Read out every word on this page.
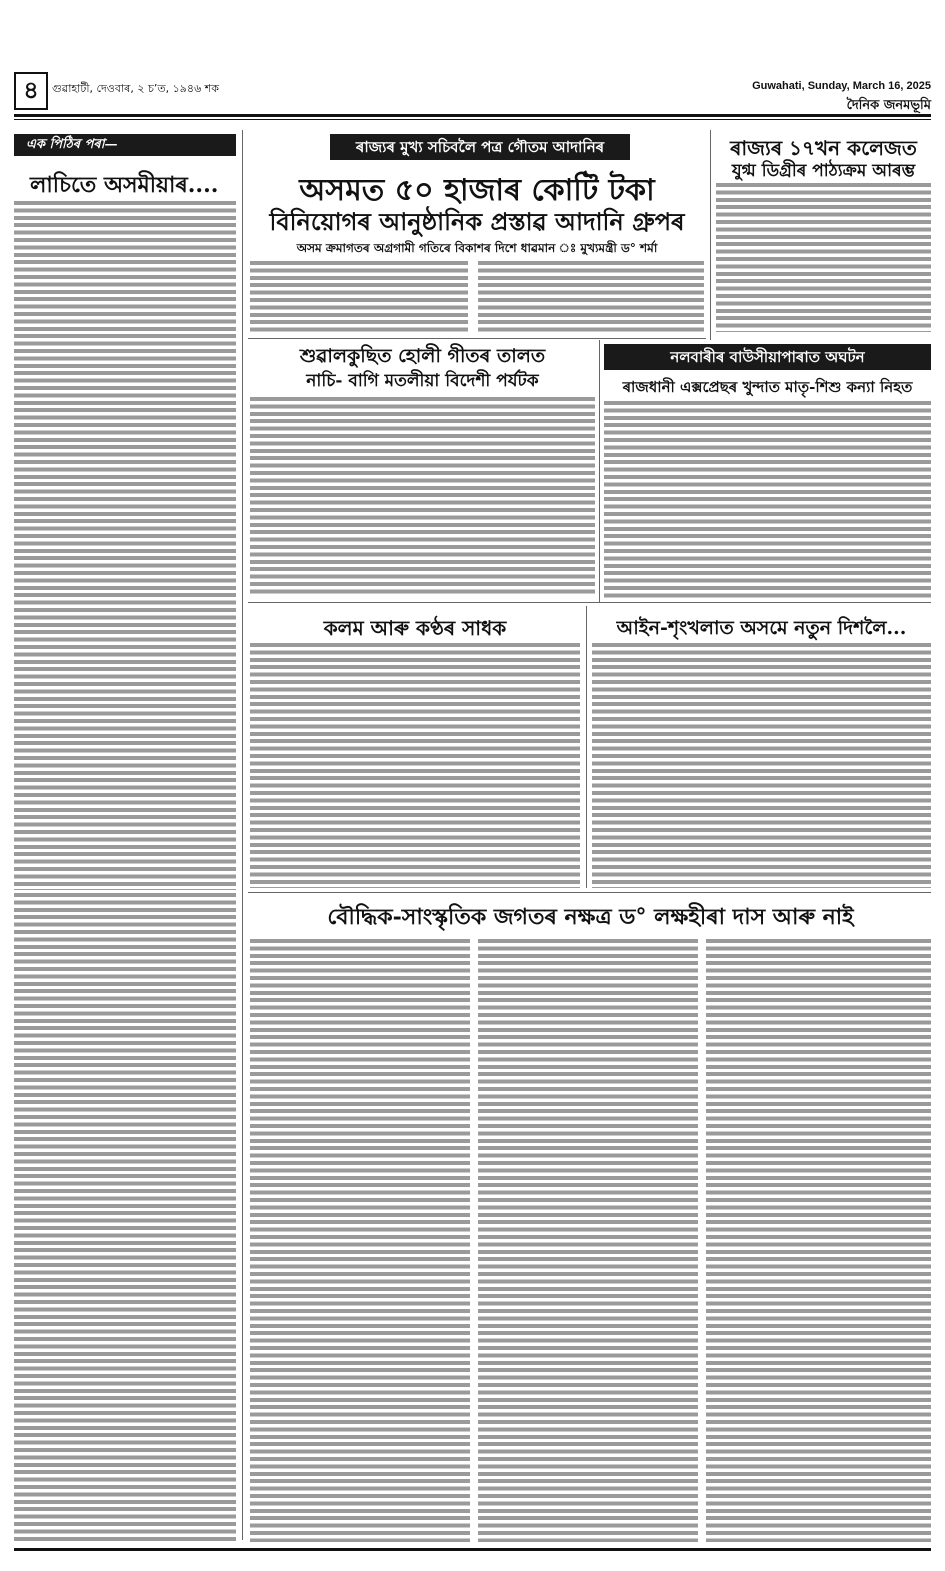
৪	গুৱাহাটী, দেওবাৰ, ২ চ’ত, ১৯৪৬ শক	Guwahati, Sunday, March 16, 2025
দৈনিক জনমভূমি
এক পিঠিৰ পৰা—
লাচিতে অসমীয়াৰ....
ৰাজ্যৰ মুখ্য সচিবলৈ পত্ৰ গৌতম আদানিৰ
অসমত ৫০ হাজাৰ কোটি টকা
বিনিয়োগৰ আনুষ্ঠানিক প্ৰস্তাৱ আদানি গ্ৰুপৰ
অসম ক্ৰমাগতৰ অগ্ৰগামী গতিৰে বিকাশৰ দিশে ধাৱমান ঃ মুখ্যমন্ত্ৰী ড° শৰ্মা
ৰাজ্যৰ ১৭খন কলেজত
যুগ্ম ডিগ্ৰীৰ পাঠ্যক্ৰম আৰম্ভ
শুৱালকুছিত হোলী গীতৰ তালত
নাচি- বাগি মতলীয়া বিদেশী পৰ্যটক
নলবাৰীৰ বাউসীয়াপাৰাত অঘটন
ৰাজধানী এক্সপ্ৰেছৰ খুন্দাত মাতৃ-শিশু কন্যা নিহত
কলম আৰু কণ্ঠৰ সাধক	আইন-শৃংখলাত অসমে নতুন দিশলৈ...
বৌদ্ধিক-সাংস্কৃতিক জগতৰ নক্ষত্ৰ ড° লক্ষহীৰা দাস আৰু নাই
